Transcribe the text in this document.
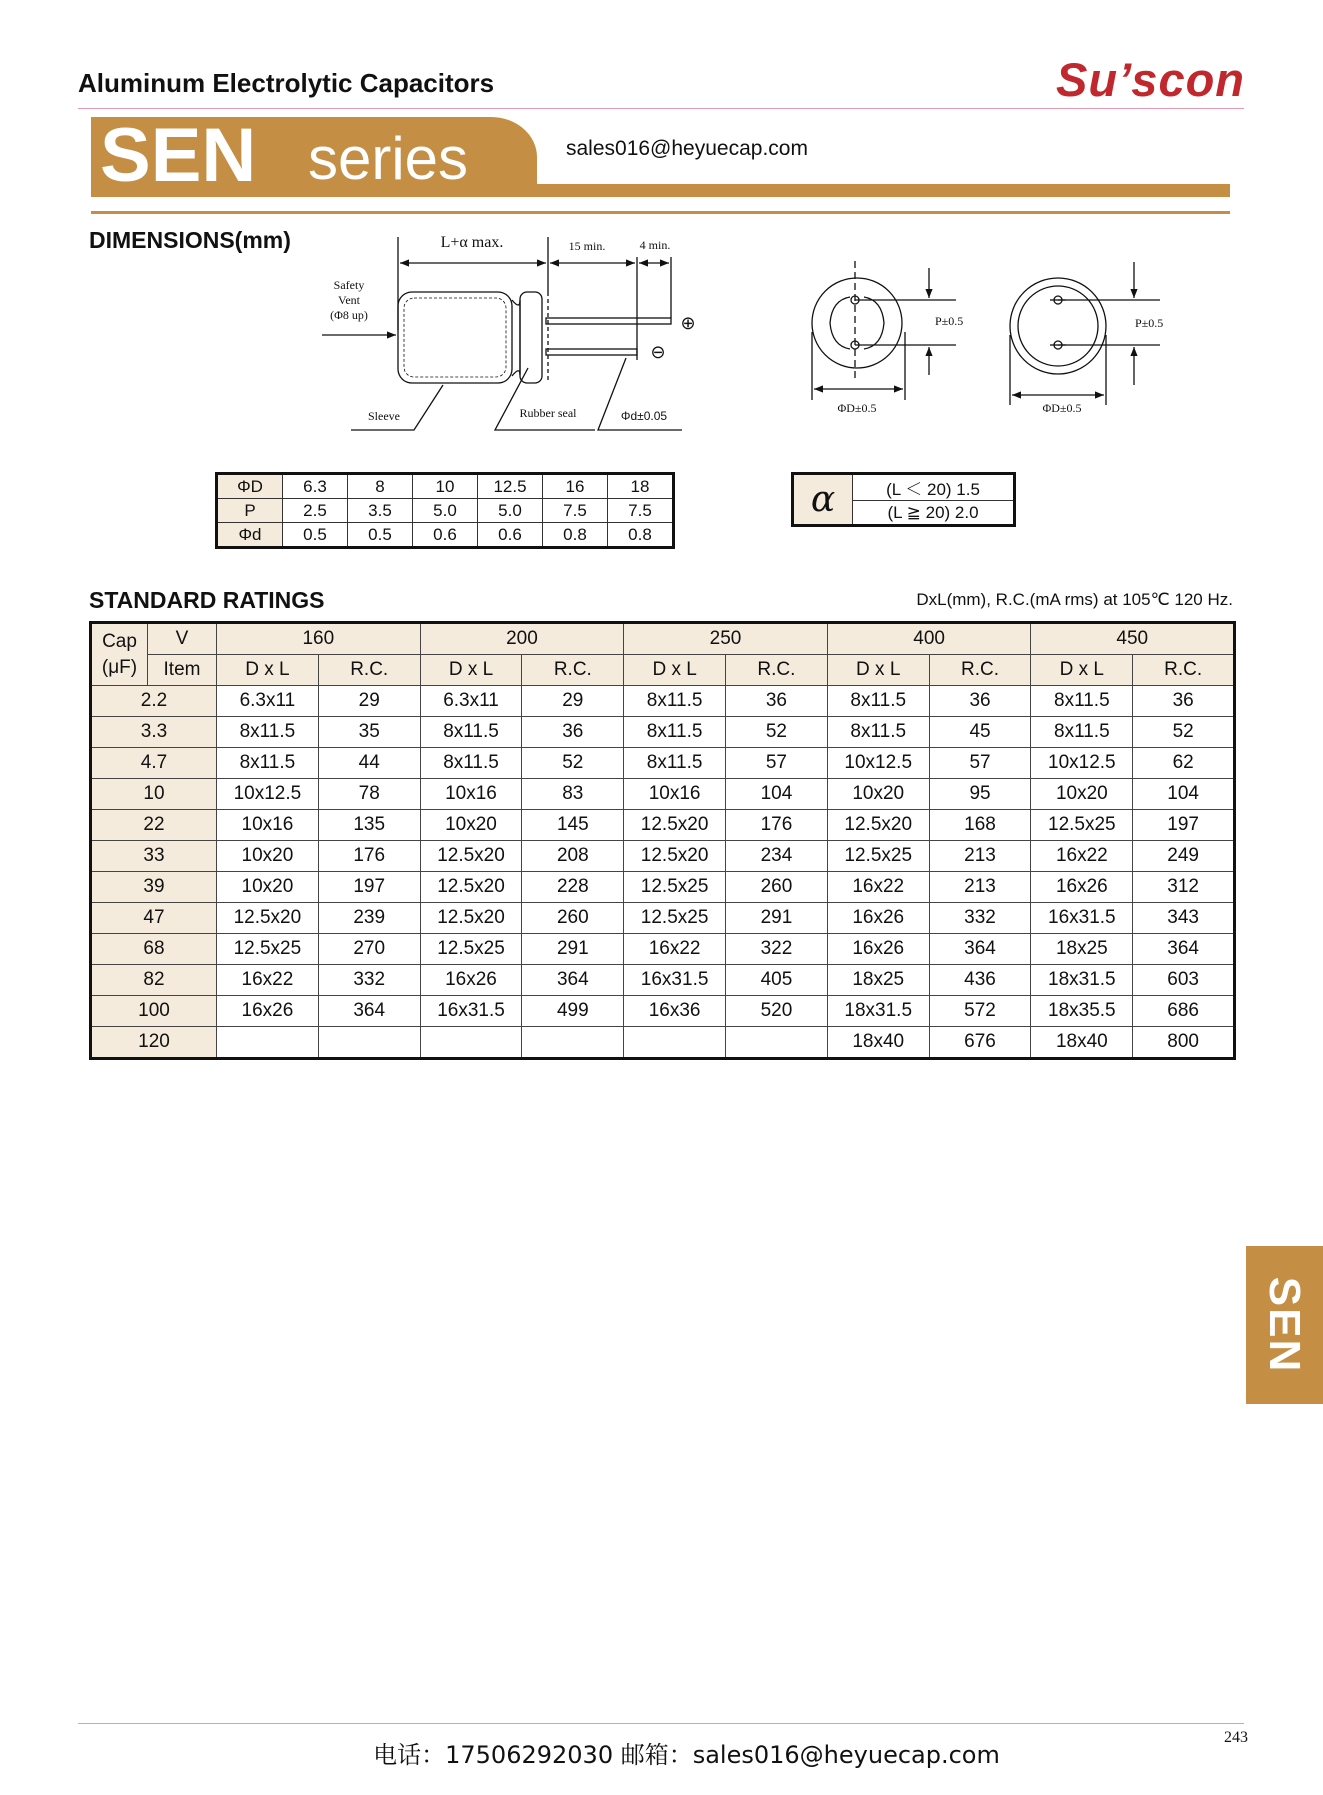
Aluminum Electrolytic Capacitors	Su’scon
SEN series	sales016@heyuecap.com
DIMENSIONS(mm)	L+α max.	15 min.	4 min.
Safety
Vent
(Φ8 up)
Sleeve	Rubber seal	Φd±0.05
⊕
⊖
P±0.5
ΦD±0.5
P±0.5
ΦD±0.5
ΦD	6.3	8	10	12.5	16	18
P	2.5	3.5	5.0	5.0	7.5	7.5
Φd	0.5	0.5	0.6	0.6	0.8	0.8
α	(L ＜ 20) 1.5
(L ≧ 20) 2.0
STANDARD RATINGS	DxL(mm), R.C.(mA rms) at 105℃ 120 Hz.
Cap
(μF)	V	160		200		250		400		450	
	Item	D x L	R.C.	D x L	R.C.	D x L	R.C.	D x L	R.C.	D x L	R.C.
2.2		6.3x11	29	6.3x11	29	8x11.5	36	8x11.5	36	8x11.5	36
3.3		8x11.5	35	8x11.5	36	8x11.5	52	8x11.5	45	8x11.5	52
4.7		8x11.5	44	8x11.5	52	8x11.5	57	10x12.5	57	10x12.5	62
10		10x12.5	78	10x16	83	10x16	104	10x20	95	10x20	104
22		10x16	135	10x20	145	12.5x20	176	12.5x20	168	12.5x25	197
33		10x20	176	12.5x20	208	12.5x20	234	12.5x25	213	16x22	249
39		10x20	197	12.5x20	228	12.5x25	260	16x22	213	16x26	312
47		12.5x20	239	12.5x20	260	12.5x25	291	16x26	332	16x31.5	343
68		12.5x25	270	12.5x25	291	16x22	322	16x26	364	18x25	364
82		16x22	332	16x26	364	16x31.5	405	18x25	436	18x31.5	603
100		16x26	364	16x31.5	499	16x36	520	18x31.5	572	18x35.5	686
120								18x40	676	18x40	800
SEN
电话：17506292030 邮箱：sales016@heyuecap.com
243
